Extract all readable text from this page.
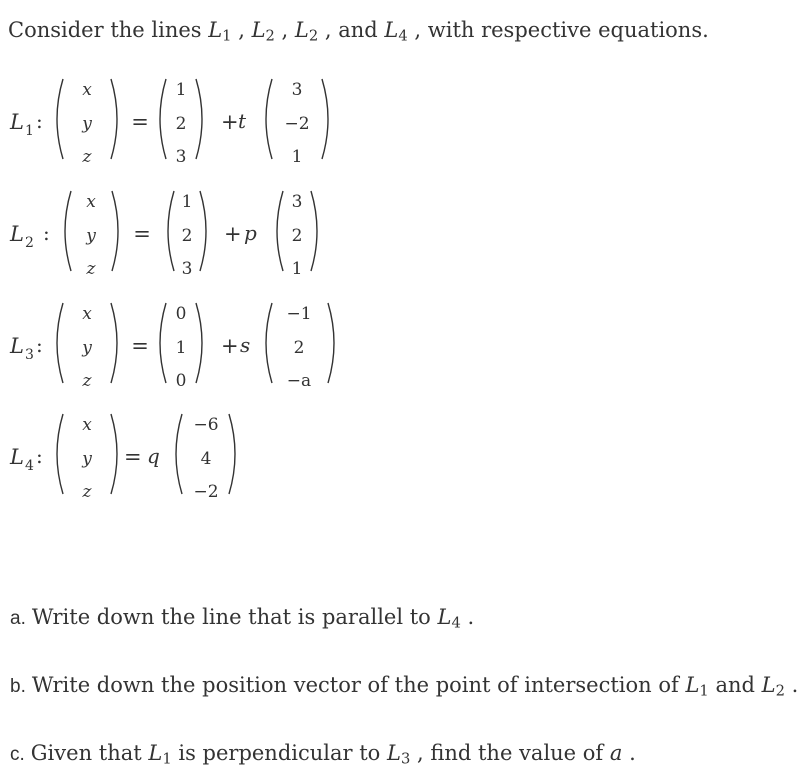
Consider the lines $L_1$ , $L_2$ , $L_2$ , and $L_4$ , with respective equations.
L 1 :
x
y
z
=
1
2
3
+ t
3
−2
1
L 2 :
x
y
z
=
1
2
3
+ p
3
2
1
L 3 :
x
y
z
=
0
1
0
+ s
−1
2
−a
L 4 :
x
y
z
= q
−6
4
−2
a. Write down the line that is parallel to $L_4$ .
b. Write down the position vector of the point of intersection of $L_1$ and $L_2$ .
c. Given that $L_1$ is perpendicular to $L_3$ , find the value of a .
